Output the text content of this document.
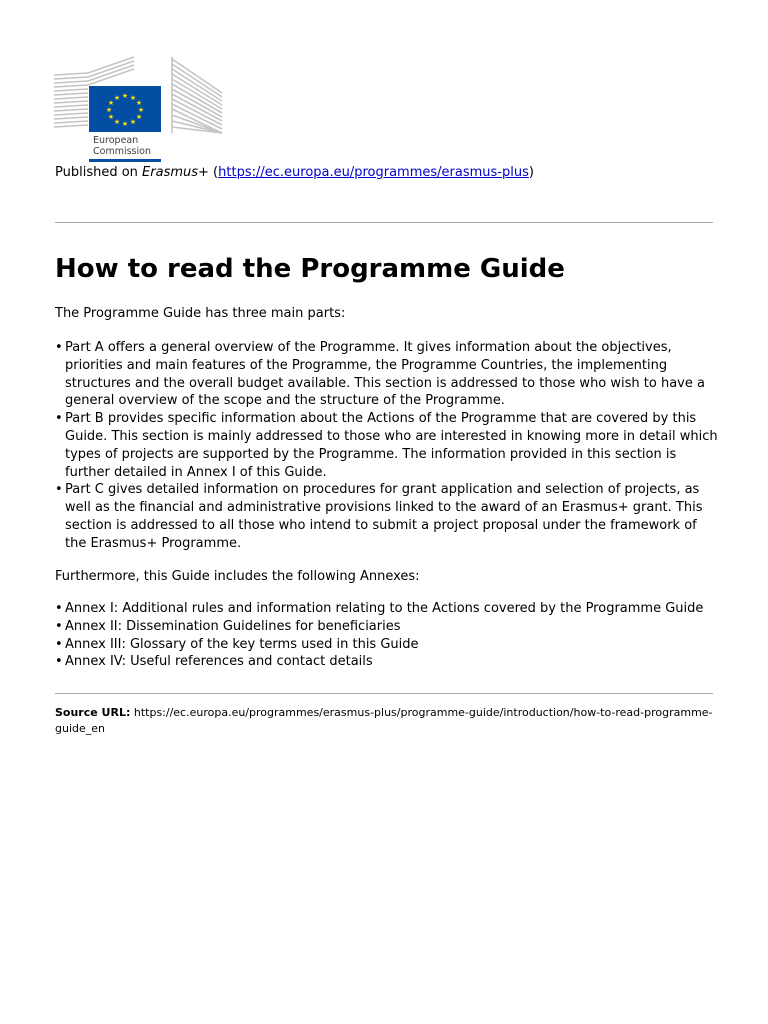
★ ★
★
★
★
★
★
★
★
★
★
★
European
Commission
Published on Erasmus+ (https://ec.europa.eu/programmes/erasmus-plus)
How to read the Programme Guide

The Programme Guide has three main parts:

• Part A offers a general overview of the Programme. It gives information about the objectives, priorities and main features of the Programme, the Programme Countries, the implementing structures and the overall budget available. This section is addressed to those who wish to have a general overview of the scope and the structure of the Programme.
• Part B provides specific information about the Actions of the Programme that are covered by this Guide. This section is mainly addressed to those who are interested in knowing more in detail which types of projects are supported by the Programme. The information provided in this section is further detailed in Annex I of this Guide.
• Part C gives detailed information on procedures for grant application and selection of projects, as well as the financial and administrative provisions linked to the award of an Erasmus+ grant. This section is addressed to all those who intend to submit a project proposal under the framework of the Erasmus+ Programme.

Furthermore, this Guide includes the following Annexes:

• Annex I: Additional rules and information relating to the Actions covered by the Programme Guide
• Annex II: Dissemination Guidelines for beneficiaries
• Annex III: Glossary of the key terms used in this Guide
• Annex IV: Useful references and contact details
Source URL: https://ec.europa.eu/programmes/erasmus-plus/programme-guide/introduction/how-to-read-programme-guide_en
